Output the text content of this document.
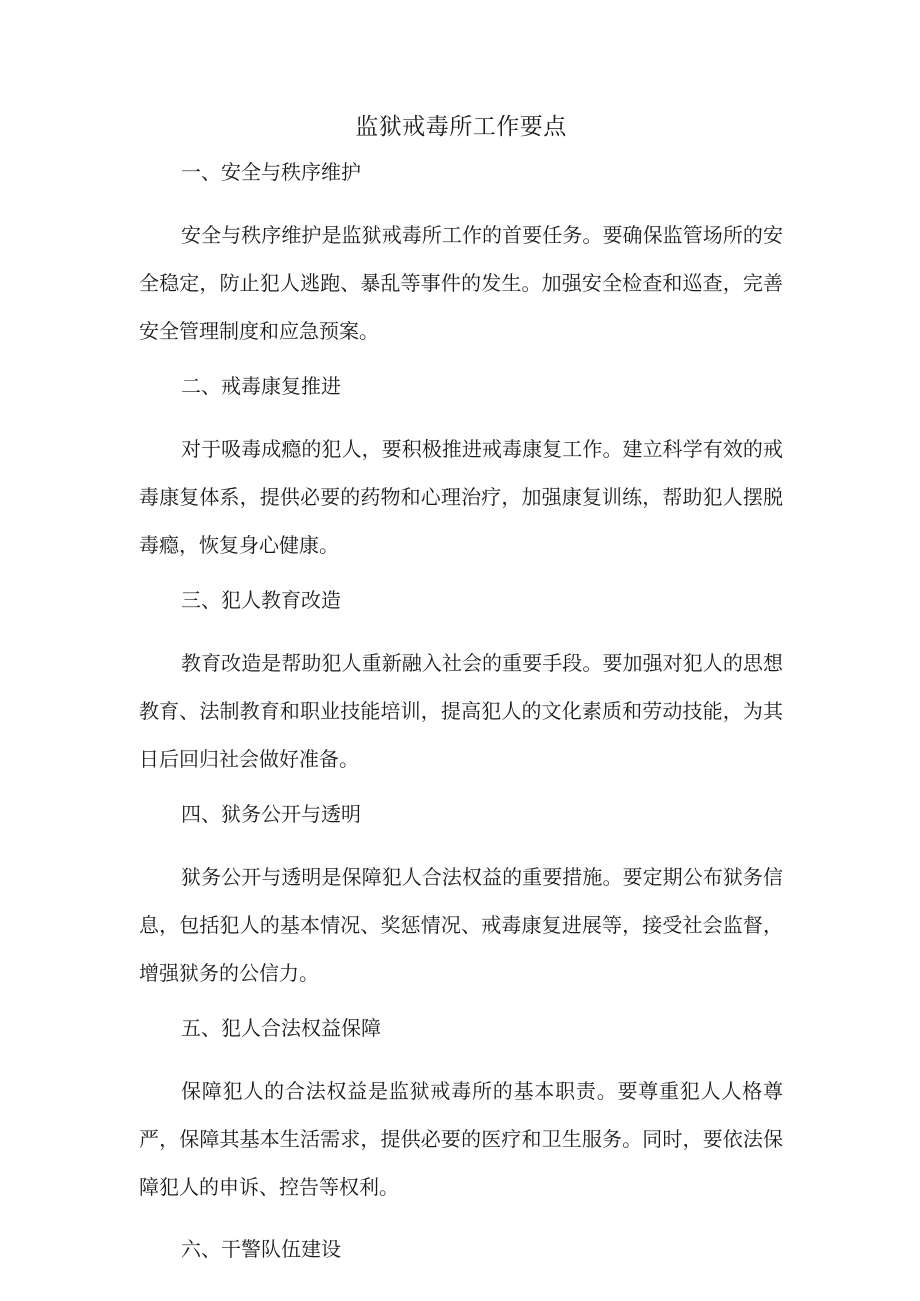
监狱戒毒所工作要点
一、安全与秩序维护

安全与秩序维护是监狱戒毒所工作的首要任务。要确保监管场所的安全稳定，防止犯人逃跑、暴乱等事件的发生。加强安全检查和巡查，完善安全管理制度和应急预案。

二、戒毒康复推进

对于吸毒成瘾的犯人，要积极推进戒毒康复工作。建立科学有效的戒毒康复体系，提供必要的药物和心理治疗，加强康复训练，帮助犯人摆脱毒瘾，恢复身心健康。

三、犯人教育改造

教育改造是帮助犯人重新融入社会的重要手段。要加强对犯人的思想教育、法制教育和职业技能培训，提高犯人的文化素质和劳动技能，为其日后回归社会做好准备。

四、狱务公开与透明

狱务公开与透明是保障犯人合法权益的重要措施。要定期公布狱务信息，包括犯人的基本情况、奖惩情况、戒毒康复进展等，接受社会监督，增强狱务的公信力。

五、犯人合法权益保障

保障犯人的合法权益是监狱戒毒所的基本职责。要尊重犯人人格尊严，保障其基本生活需求，提供必要的医疗和卫生服务。同时，要依法保障犯人的申诉、控告等权利。

六、干警队伍建设
